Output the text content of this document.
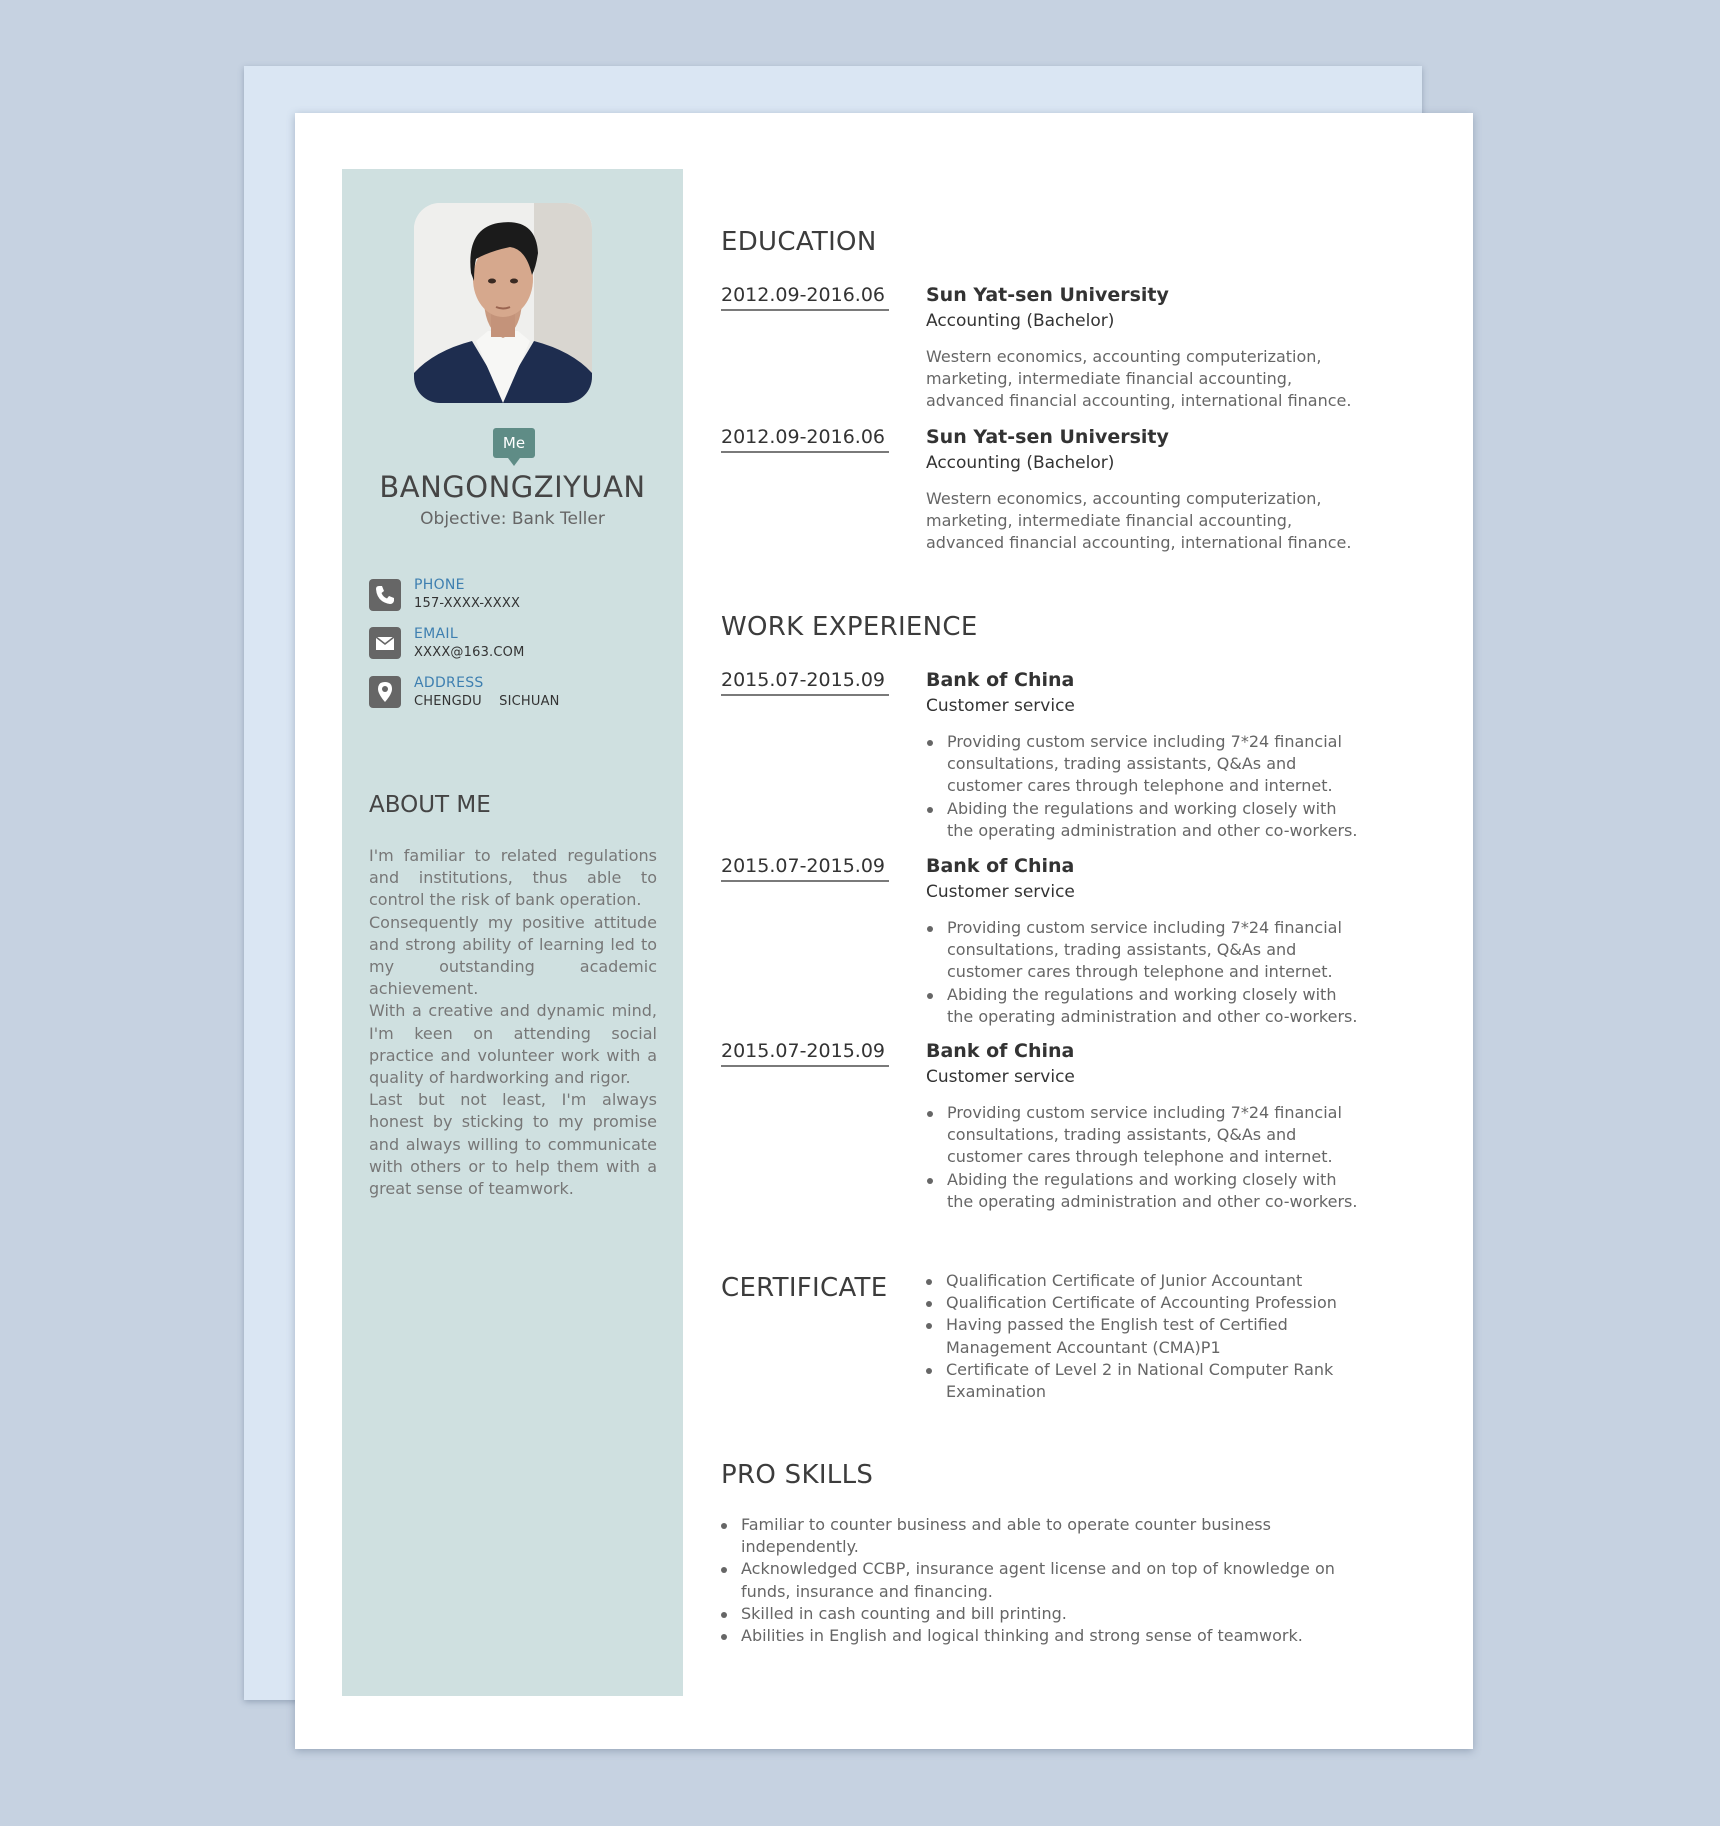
Me
BANGONGZIYUAN
Objective: Bank Teller
PHONE
157-XXXX-XXXX
EMAIL
XXXX@163.COM
ADDRESS
CHENGDU    SICHUAN
ABOUT ME

I'm familiar to related regulations and institutions, thus able to control the risk of bank operation.

Consequently my positive attitude and strong ability of learning led to my outstanding academic achievement.

With a creative and dynamic mind, I'm keen on attending social practice and volunteer work with a quality of hardworking and rigor.

Last but not least, I'm always honest by sticking to my promise and always willing to communicate with others or to help them with a great sense of teamwork.

EDUCATION
2012.09-2016.06 Sun Yat-sen University
Accounting (Bachelor)
Western economics, accounting computerization, marketing, intermediate financial accounting, advanced financial accounting, international finance.
2012.09-2016.06 Sun Yat-sen University
Accounting (Bachelor)
Western economics, accounting computerization, marketing, intermediate financial accounting, advanced financial accounting, international finance.
WORK EXPERIENCE
2015.07-2015.09 Bank of China
Customer service
Providing custom service including 7*24 financial consultations, trading assistants, Q&As and customer cares through telephone and internet.
Abiding the regulations and working closely with the operating administration and other co-workers.
2015.07-2015.09 Bank of China
Customer service
Providing custom service including 7*24 financial consultations, trading assistants, Q&As and customer cares through telephone and internet.
Abiding the regulations and working closely with the operating administration and other co-workers.
2015.07-2015.09 Bank of China
Customer service
Providing custom service including 7*24 financial consultations, trading assistants, Q&As and customer cares through telephone and internet.
Abiding the regulations and working closely with the operating administration and other co-workers.
CERTIFICATE	Qualification Certificate of Junior Accountant
Qualification Certificate of Accounting Profession
Having passed the English test of Certified Management Accountant (CMA)P1
Certificate of Level 2 in National Computer Rank Examination
PRO SKILLS
Familiar to counter business and able to operate counter business independently.
Acknowledged CCBP, insurance agent license and on top of knowledge on funds, insurance and financing.
Skilled in cash counting and bill printing.
Abilities in English and logical thinking and strong sense of teamwork.
